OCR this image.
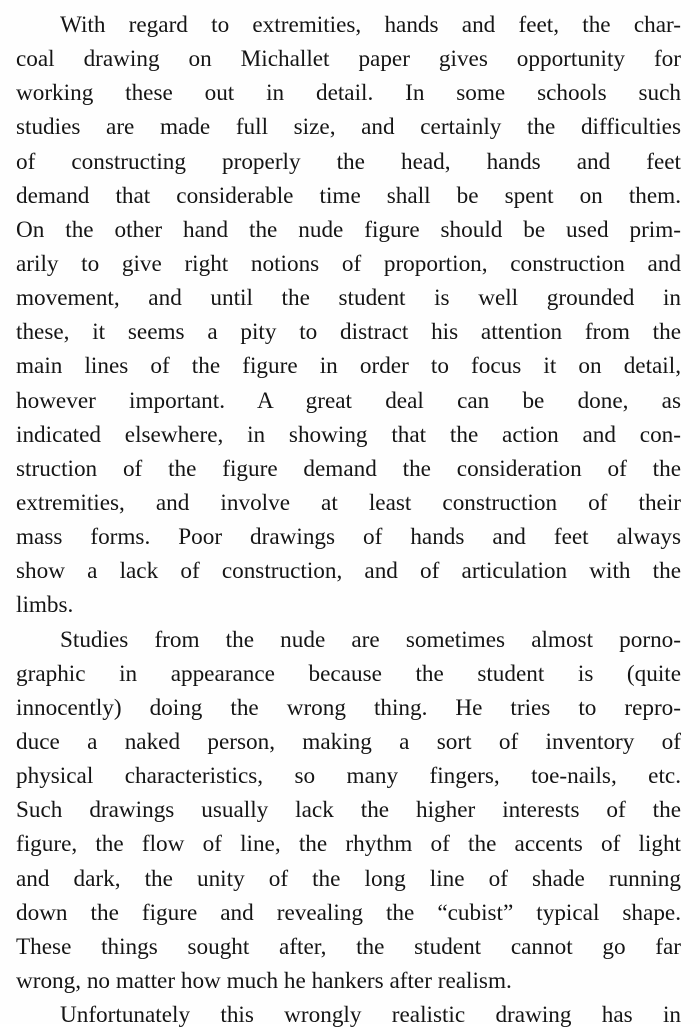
With regard to extremities, hands and feet, the char-
coal drawing on Michallet paper gives opportunity for
working these out in detail. In some schools such
studies are made full size, and certainly the difficulties
of constructing properly the head, hands and feet
demand that considerable time shall be spent on them.
On the other hand the nude figure should be used prim-
arily to give right notions of proportion, construction and
movement, and until the student is well grounded in
these, it seems a pity to distract his attention from the
main lines of the figure in order to focus it on detail,
however important. A great deal can be done, as
indicated elsewhere, in showing that the action and con-
struction of the figure demand the consideration of the
extremities, and involve at least construction of their
mass forms. Poor drawings of hands and feet always
show a lack of construction, and of articulation with the
limbs.
Studies from the nude are sometimes almost porno-
graphic in appearance because the student is (quite
innocently) doing the wrong thing. He tries to repro-
duce a naked person, making a sort of inventory of
physical characteristics, so many fingers, toe-nails, etc.
Such drawings usually lack the higher interests of the
figure, the flow of line, the rhythm of the accents of light
and dark, the unity of the long line of shade running
down the figure and revealing the “cubist” typical shape.
These things sought after, the student cannot go far
wrong, no matter how much he hankers after realism.
Unfortunately this wrongly realistic drawing has in
